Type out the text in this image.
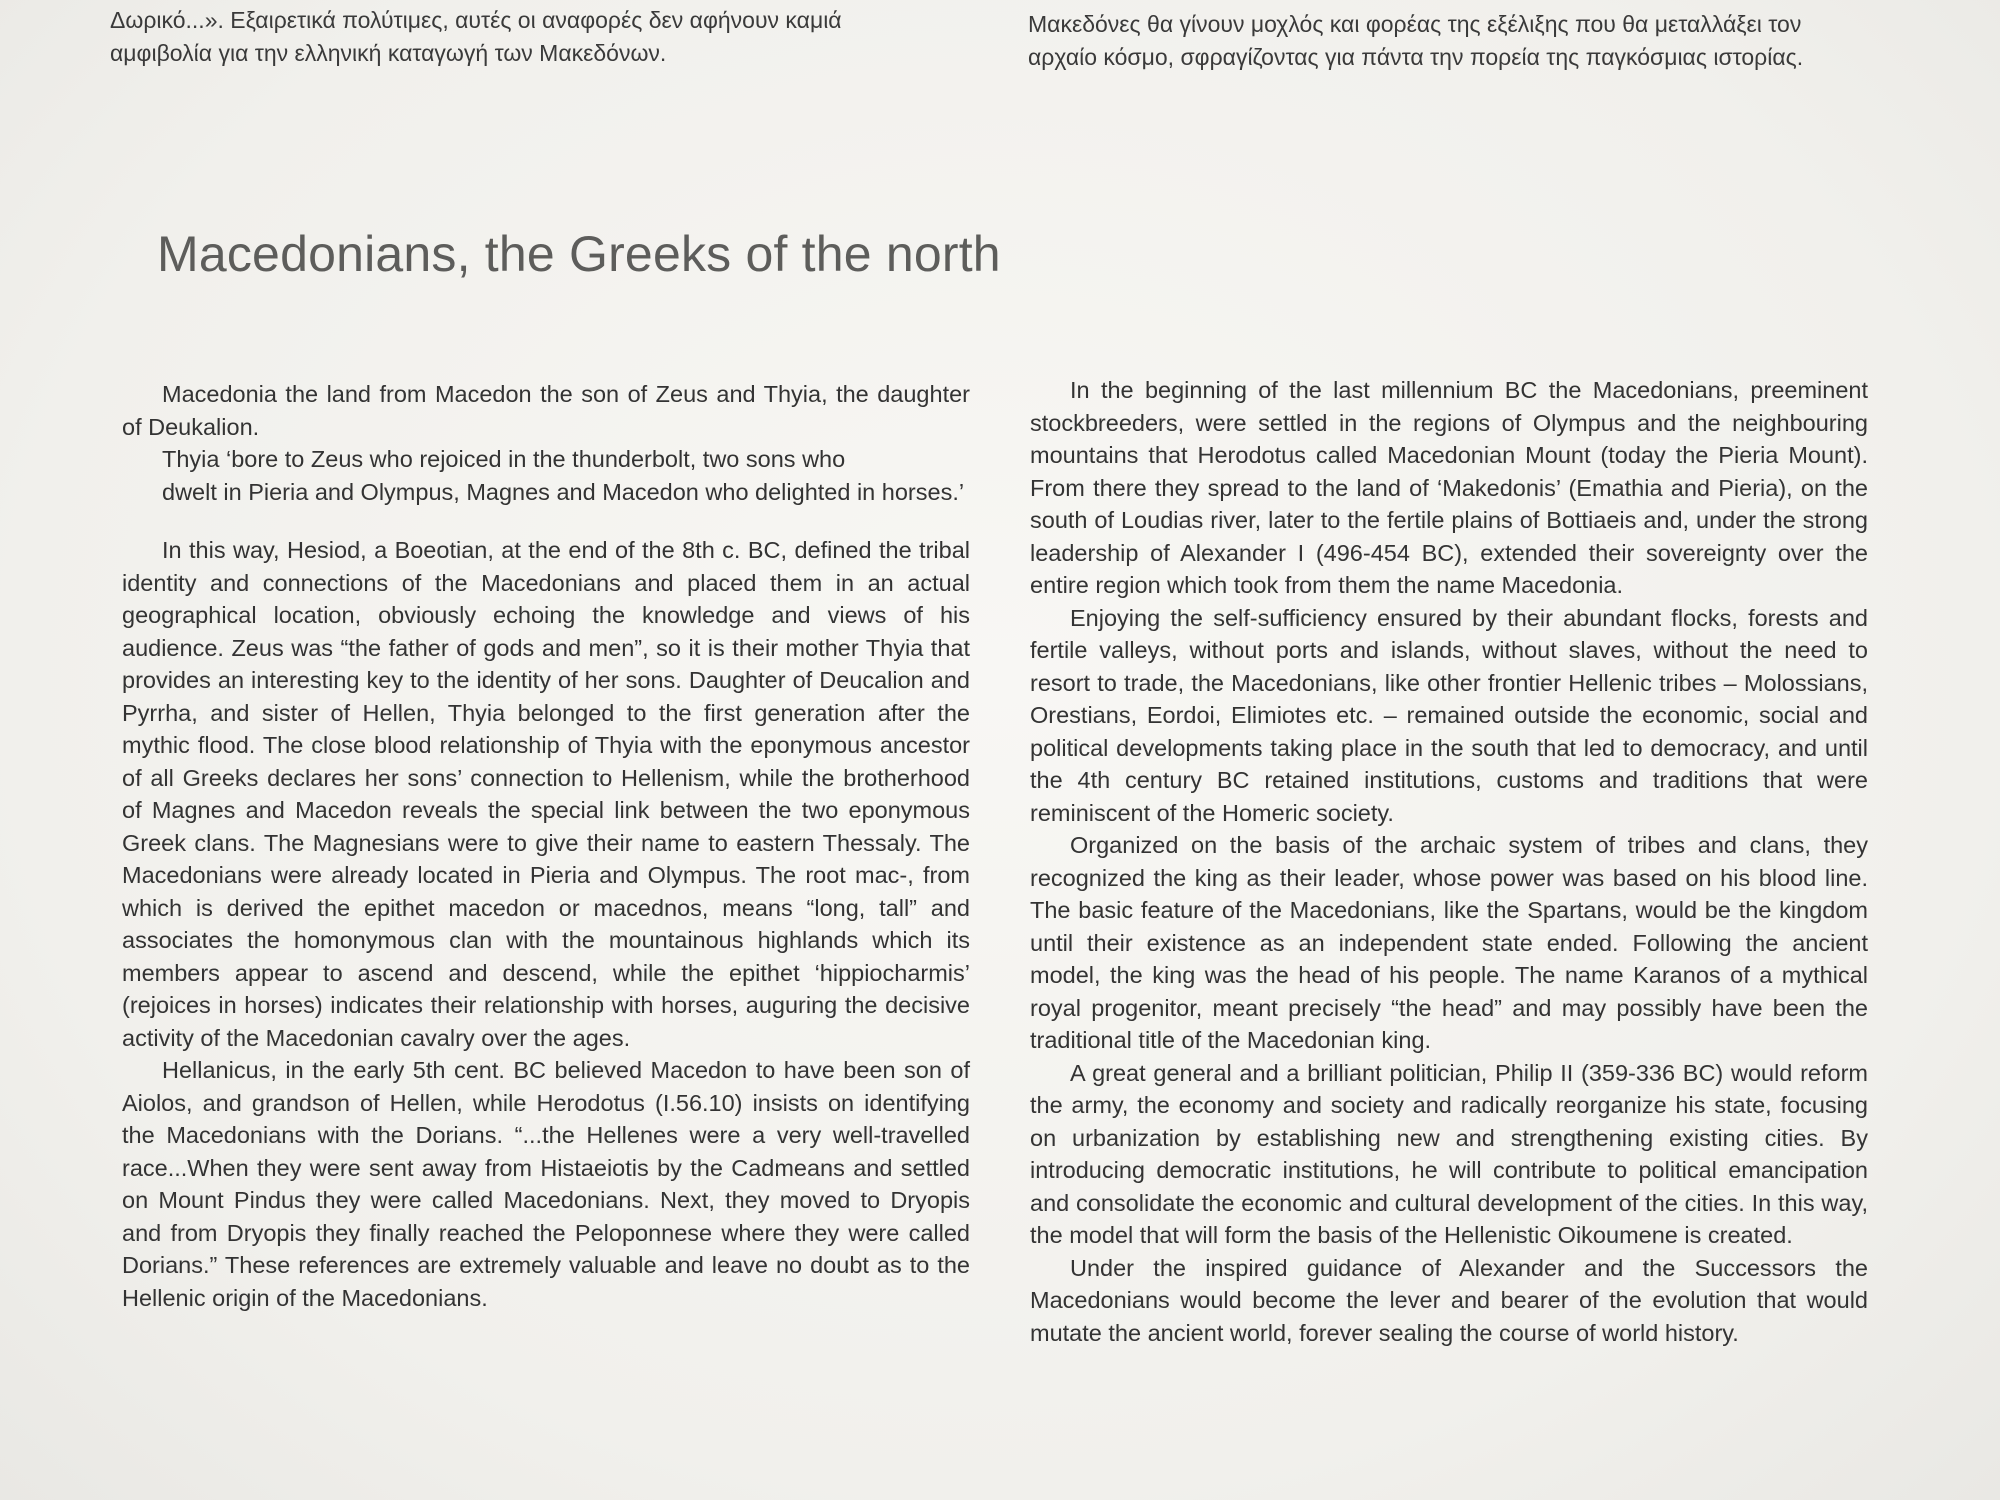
Δωρικό...». Εξαιρετικά πολύτιμες, αυτές οι αναφορές δεν αφήνουν καμιά

αμφιβολία για την ελληνική καταγωγή των Μακεδόνων.

Μακεδόνες θα γίνουν μοχλός και φορέας της εξέλιξης που θα μεταλλάξει τον

αρχαίο κόσμο, σφραγίζοντας για πάντα την πορεία της παγκόσμιας ιστορίας.

Macedonians, the Greeks of the north

Macedonia the land from Macedon the son of Zeus and Thyia, the daughter of Deukalion.

Thyia ‘bore to Zeus who rejoiced in the thunderbolt, two sons who

dwelt in Pieria and Olympus, Magnes and Macedon who delighted in horses.’

In this way, Hesiod, a Boeotian, at the end of the 8th c. BC, defined the tribal identity and connections of the Macedonians and placed them in an actual geographical location, obviously echoing the knowledge and views of his audience. Zeus was “the father of gods and men”, so it is their mother Thyia that provides an interesting key to the identity of her sons. Daughter of Deucalion and Pyrrha, and sister of Hellen, Thyia belonged to the first generation after the mythic flood. The close blood relationship of Thyia with the eponymous ancestor of all Greeks declares her sons’ connection to Hellenism, while the brotherhood of Magnes and Macedon reveals the special link between the two eponymous Greek clans. The Magnesians were to give their name to eastern Thessaly. The Macedonians were already located in Pieria and Olympus. The root mac-, from which is derived the epithet macedon or macednos, means “long, tall” and associates the homonymous clan with the mountainous highlands which its members appear to ascend and descend, while the epithet ‘hippiocharmis’ (rejoices in horses) indicates their relationship with horses, auguring the decisive activity of the Macedonian cavalry over the ages.

Hellanicus, in the early 5th cent. BC believed Macedon to have been son of Aiolos, and grandson of Hellen, while Herodotus (I.56.10) insists on identifying the Macedonians with the Dorians. “...the Hellenes were a very well-travelled race...When they were sent away from Histaeiotis by the Cadmeans and settled on Mount Pindus they were called Macedonians. Next, they moved to Dryopis and from Dryopis they finally reached the Peloponnese where they were called Dorians.” These references are extremely valuable and leave no doubt as to the Hellenic origin of the Macedonians.

In the beginning of the last millennium BC the Macedonians, preeminent stockbreeders, were settled in the regions of Olympus and the neighbouring mountains that Herodotus called Macedonian Mount (today the Pieria Mount). From there they spread to the land of ‘Makedonis’ (Emathia and Pieria), on the south of Loudias river, later to the fertile plains of Bottiaeis and, under the strong leadership of Alexander I (496-454 BC), extended their sovereignty over the entire region which took from them the name Macedonia.

Enjoying the self-sufficiency ensured by their abundant flocks, forests and fertile valleys, without ports and islands, without slaves, without the need to resort to trade, the Macedonians, like other frontier Hellenic tribes – Molossians, Orestians, Eordoi, Elimiotes etc. – remained outside the economic, social and political developments taking place in the south that led to democracy, and until the 4th century BC retained institutions, customs and traditions that were reminiscent of the Homeric society.

Organized on the basis of the archaic system of tribes and clans, they recognized the king as their leader, whose power was based on his blood line. The basic feature of the Macedonians, like the Spartans, would be the kingdom until their existence as an independent state ended. Following the ancient model, the king was the head of his people. The name Karanos of a mythical royal progenitor, meant precisely “the head” and may possibly have been the traditional title of the Macedonian king.

A great general and a brilliant politician, Philip II (359-336 BC) would reform the army, the economy and society and radically reorganize his state, focusing on urbanization by establishing new and strengthening existing cities. By introducing democratic institutions, he will contribute to political emancipation and consolidate the economic and cultural development of the cities. In this way, the model that will form the basis of the Hellenistic Oikoumene is created.

Under the inspired guidance of Alexander and the Successors the Macedonians would become the lever and bearer of the evolution that would mutate the ancient world, forever sealing the course of world history.
